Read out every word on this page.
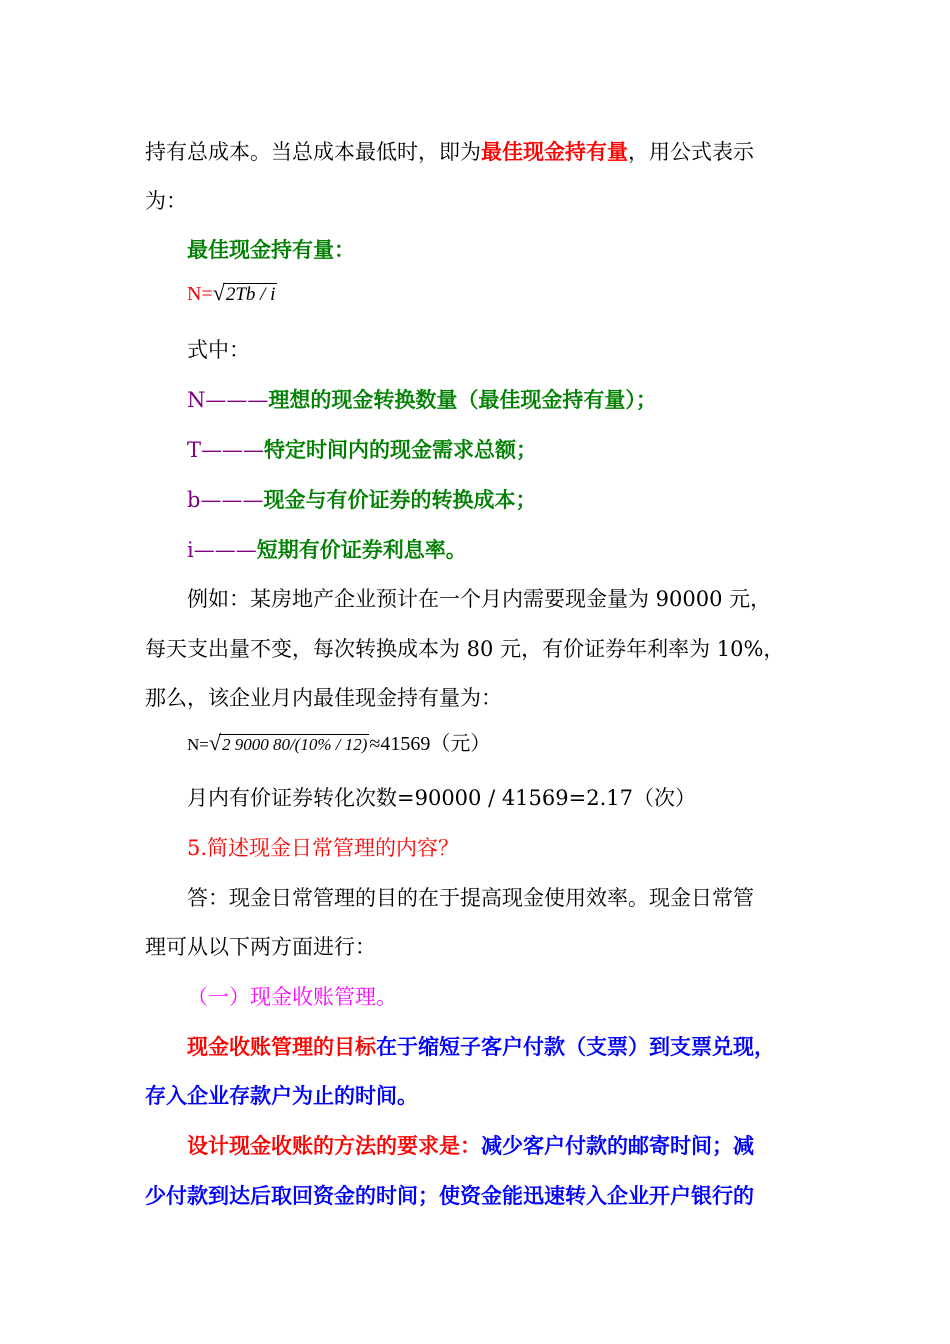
持有总成本。当总成本最低时，即为最佳现金持有量，用公式表示
为：
最佳现金持有量：
N=√2Tb / i
式中：
N———理想的现金转换数量（最佳现金持有量）；
T———特定时间内的现金需求总额；
b———现金与有价证券的转换成本；
i———短期有价证券利息率。
例如：某房地产企业预计在一个月内需要现金量为 90000 元，
每天支出量不变，每次转换成本为 80 元，有价证券年利率为 10%，
那么，该企业月内最佳现金持有量为：
N=√2 9000 80/(10% / 12) ≈41569（元）
月内有价证券转化次数=90000 / 41569=2.17（次）
5.简述现金日常管理的内容？
答：现金日常管理的目的在于提高现金使用效率。现金日常管
理可从以下两方面进行：
（一）现金收账管理。
现金收账管理的目标在于缩短子客户付款（支票）到支票兑现，
存入企业存款户为止的时间。
设计现金收账的方法的要求是：减少客户付款的邮寄时间；减
少付款到达后取回资金的时间；使资金能迅速转入企业开户银行的
